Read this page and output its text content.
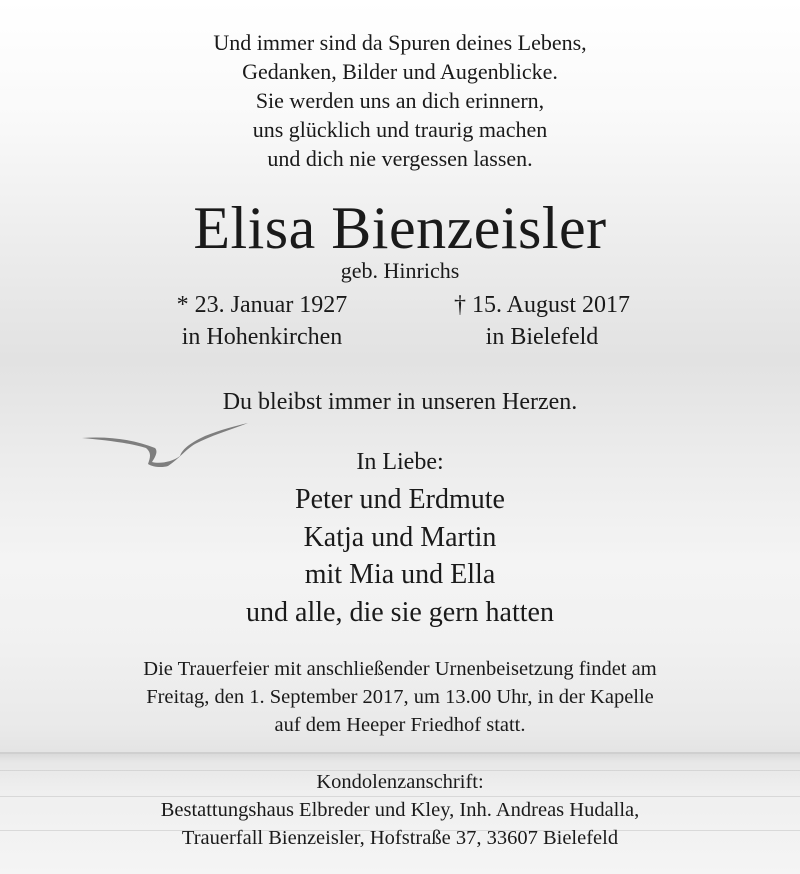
Und immer sind da Spuren deines Lebens,
Gedanken, Bilder und Augenblicke.
Sie werden uns an dich erinnern,
uns glücklich und traurig machen
und dich nie vergessen lassen.
Elisa Bienzeisler
geb. Hinrichs
* 23. Januar 1927
in Hohenkirchen
† 15. August 2017
in Bielefeld
Du bleibst immer in unseren Herzen.
In Liebe:
Peter und Erdmute
Katja und Martin
mit Mia und Ella
und alle, die sie gern hatten
Die Trauerfeier mit anschließender Urnenbeisetzung findet am
Freitag, den 1. September 2017, um 13.00 Uhr, in der Kapelle
auf dem Heeper Friedhof statt.
Kondolenzanschrift:
Bestattungshaus Elbreder und Kley, Inh. Andreas Hudalla,
Trauerfall Bienzeisler, Hofstraße 37, 33607 Bielefeld
